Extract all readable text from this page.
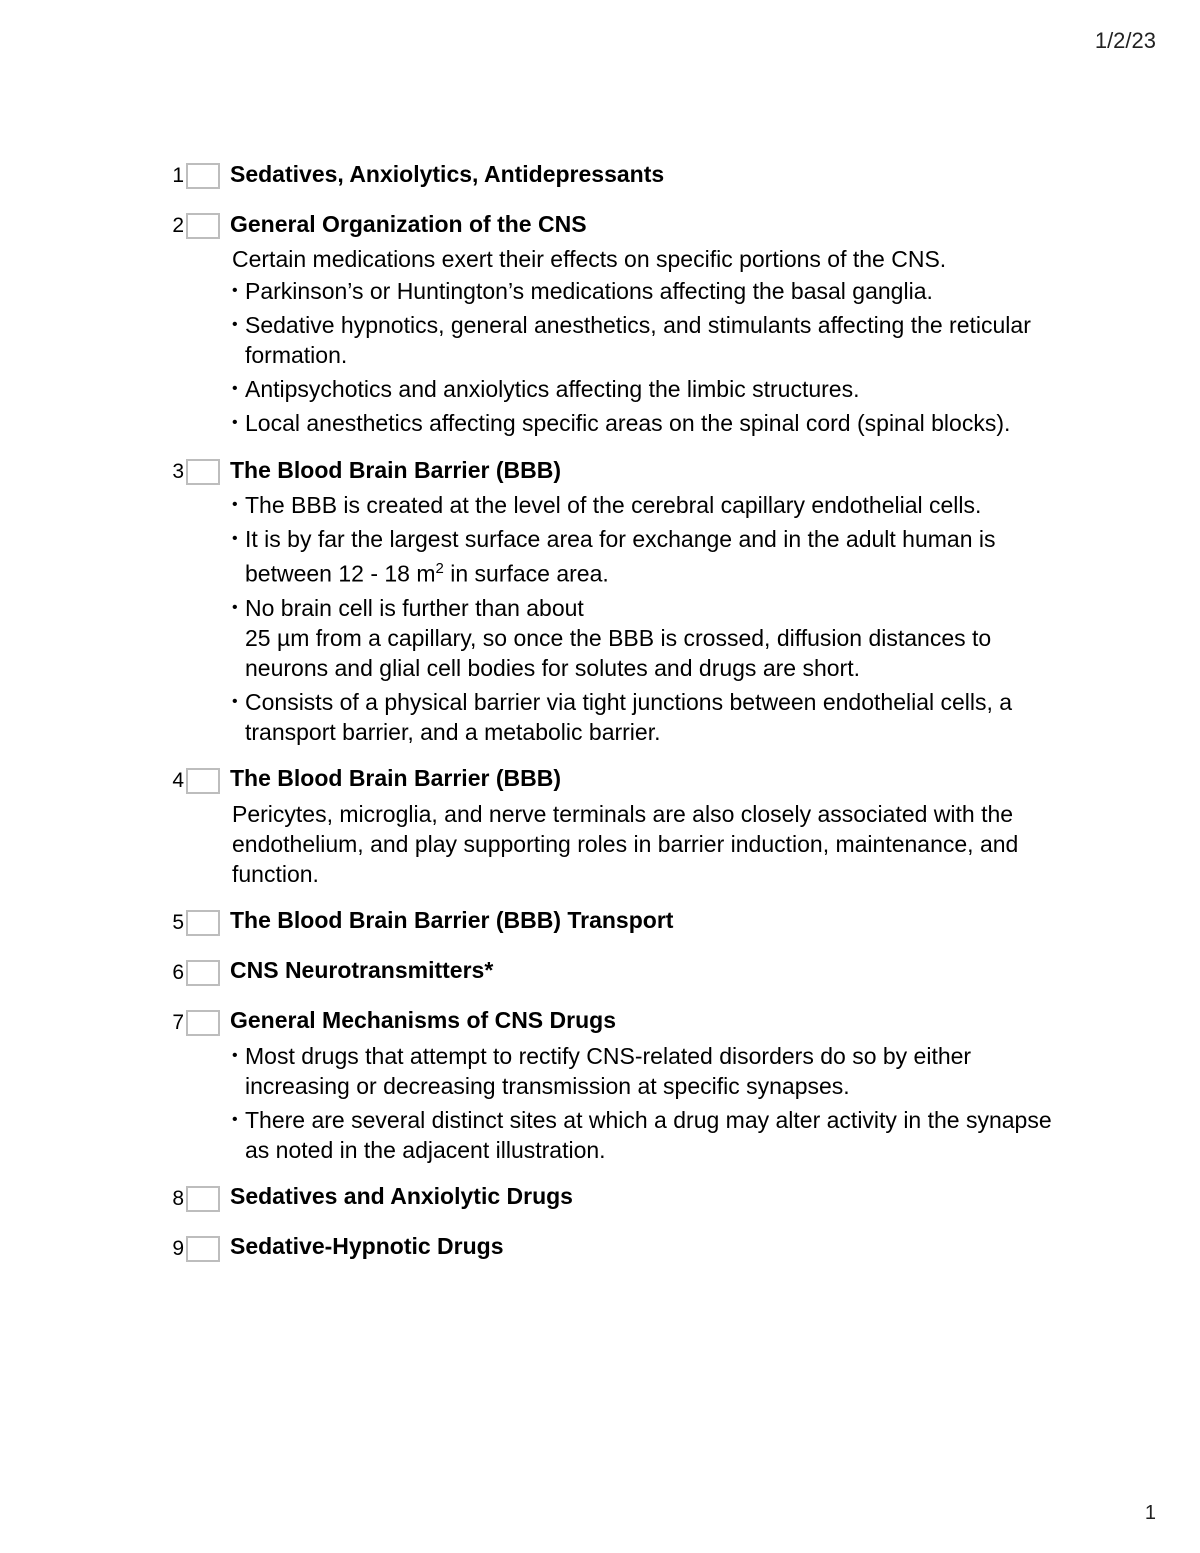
1/2/23
1 Sedatives, Anxiolytics, Antidepressants
2 General Organization of the CNS

Certain medications exert their effects on specific portions of the CNS.

• Parkinson’s or Huntington’s medications affecting the basal ganglia.
• Sedative hypnotics, general anesthetics, and stimulants affecting the reticular formation.
• Antipsychotics and anxiolytics affecting the limbic structures.
• Local anesthetics affecting specific areas on the spinal cord (spinal blocks).
3 The Blood Brain Barrier (BBB)
• The BBB is created at the level of the cerebral capillary endothelial cells.
• It is by far the largest surface area for exchange and in the adult human is between 12 - 18 $m^2$ in surface area.
• No brain cell is further than about
25 µm from a capillary, so once the BBB is crossed, diffusion distances to neurons and glial cell bodies for solutes and drugs are short.
• Consists of a physical barrier via tight junctions between endothelial cells, a transport barrier, and a metabolic barrier.
4 The Blood Brain Barrier (BBB)

Pericytes, microglia, and nerve terminals are also closely associated with the endothelium, and play supporting roles in barrier induction, maintenance, and function.

5 The Blood Brain Barrier (BBB) Transport
6 CNS Neurotransmitters*
7 General Mechanisms of CNS Drugs
• Most drugs that attempt to rectify CNS-related disorders do so by either increasing or decreasing transmission at specific synapses.
• There are several distinct sites at which a drug may alter activity in the synapse as noted in the adjacent illustration.
8 Sedatives and Anxiolytic Drugs
9 Sedative-Hypnotic Drugs
1
